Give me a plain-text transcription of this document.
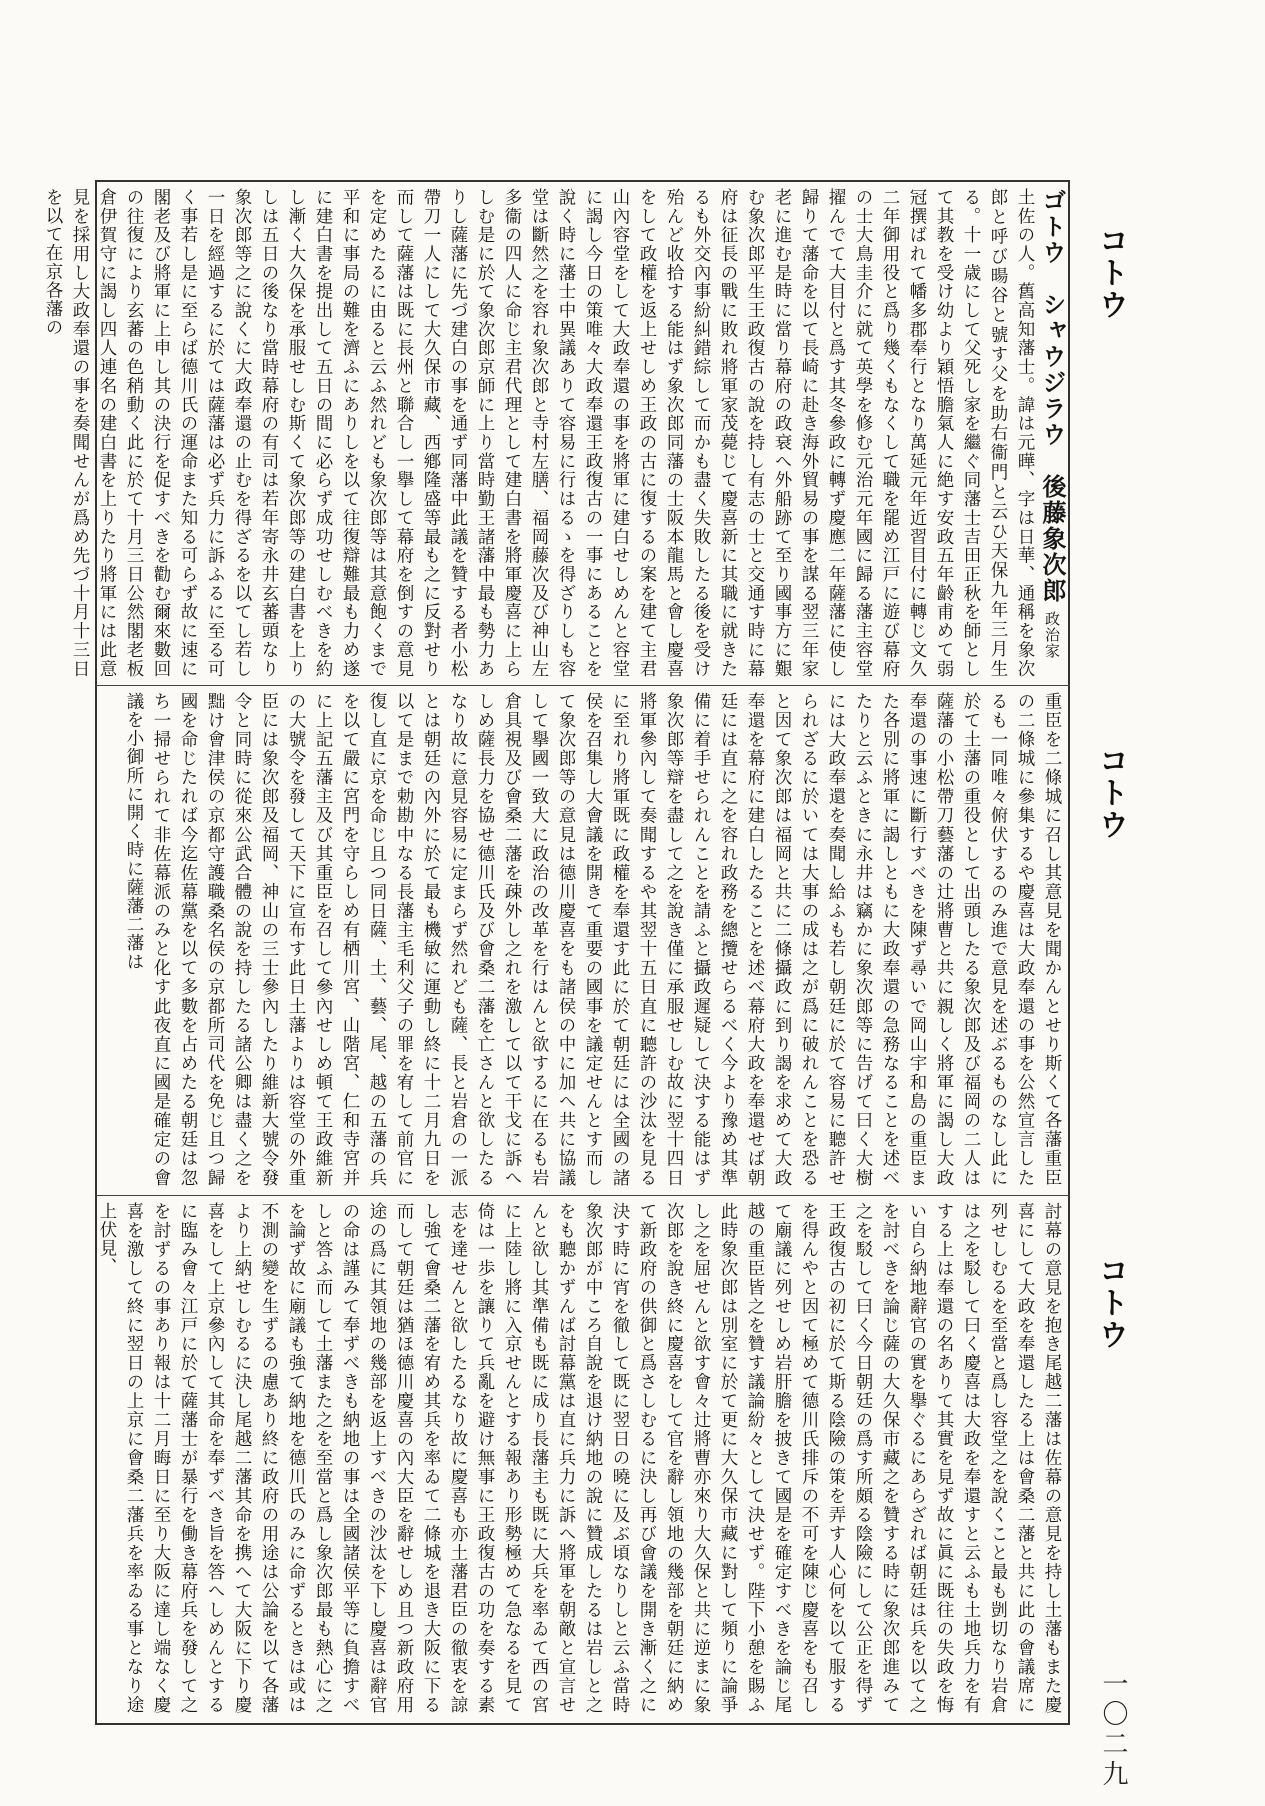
コトウ
コトウ
コトウ
一〇二九
ゴトウ　シャウジラウ　後藤象次郎 政治家
土佐の人。舊高知藩士。諱は元曄、字は日華、通稱を象次郎と呼び暘谷と號す父を助右衞門と云ひ天保九年三月生る。十一歳にして父死し家を繼ぐ同藩士吉田正秋を師として其教を受け幼より穎悟膽氣人に絶す安政五年齡甫めて弱冠撰ばれて幡多郡奉行となり萬延元年近習目付に轉じ文久二年御用役と爲り幾くもなくして職を罷め江戸に遊び幕府の士大鳥圭介に就て英學を修む元治元年國に歸る藩主容堂擢んでて大目付と爲す其冬參政に轉ず慶應二年薩藩に使し歸りて藩命を以て長崎に赴き海外貿易の事を謀る翌三年家老に進む是時に當り幕府の政衰へ外船跡て至り國事方に艱む象次郎平生王政復古の說を持し有志の士と交通す時に幕府は征長の戰に敗れ將軍家茂薨じて慶喜新に其職に就きたるも外交內事紛糾錯綜して而かも盡く失敗したる後を受け殆んど收拾する能はず象次郎同藩の士阪本龍馬と會し慶喜をして政權を返上せしめ王政の古に復するの案を建て主君山內容堂をして大政奉還の事を將軍に建白せしめんと容堂に謁し今日の策唯々大政奉還王政復古の一事にあることを說く時に藩士中異議ありて容易に行はるゝを得ざりしも容堂は斷然之を容れ象次郎と寺村左膳、福岡藤次及び神山左多衞の四人に命じ主君代理として建白書を將軍慶喜に上らしむ是に於て象次郎京師に上り當時勤王諸藩中最も勢力ありし薩藩に先づ建白の事を通ず同藩中此議を贊する者小松帶刀一人にして大久保市藏、西鄕隆盛等最も之に反對せり而して薩藩は既に長州と聯合し一擧して幕府を倒すの意見を定めたるに由ると云ふ然れども象次郎等は其意飽くまで平和に事局の難を濟ふにありしを以て往復辯難最も力め遂に建白書を提出して五日の間に必らず成功せしむべきを約し漸く大久保を承服せしむ斯くて象次郎等の建白書を上りしは五日の後なり當時幕府の有司は若年寄永井玄蕃頭なり象次郎等之に說くに大政奉還の止むを得ざるを以てし若し一日を經過するに於ては薩藩は必ず兵力に訴ふるに至る可く事若し是に至らば德川氏の運命また知る可らず故に速に閣老及び將軍に上申し其の決行を促すべきを勸む爾來數回の往復により玄蕃の色稍動く此に於て十月三日公然閣老板倉伊賀守に謁し四人連名の建白書を上りたり將軍には此意見を採用し大政奉還の事を奏聞せんが爲め先づ十月十三日を以て在京各藩の
重臣を二條城に召し其意見を聞かんとせり斯くて各藩重臣の二條城に參集するや慶喜は大政奉還の事を公然宣言したるも一同唯々俯伏するのみ進で意見を述ぶるものなし此に於て土藩の重役として出頭したる象次郎及び福岡の二人は薩藩の小松帶刀藝藩の辻將曹と共に親しく將軍に謁し大政奉還の事速に斷行すべきを陳ず尋いで岡山宇和島の重臣また各別に將軍に謁しともに大政奉還の急務なることを述べたりと云ふときに永井は竊かに象次郎等に告げて曰く大樹には大政奉還を奏聞し給ふも若し朝廷に於て容易に聽許せられざるに於いては大事の成は之が爲に破れんことを恐ると因て象次郎は福岡と共に二條攝政に到り謁を求めて大政奉還を幕府に建白したることを述べ幕府大政を奉還せば朝廷には直に之を容れ政務を總攬せらるべく今より豫め其準備に着手せられんことを請ふと攝政遲疑して決する能はず象次郎等辯を盡して之を說き僅に承服せしむ故に翌十四日將軍參內して奏聞するや其翌十五日直に聽許の沙汰を見るに至れり將軍既に政權を奉還す此に於て朝廷には全國の諸侯を召集し大會議を開きて重要の國事を議定せんとす而して象次郎等の意見は德川慶喜をも諸侯の中に加へ共に協議して擧國一致大に政治の改革を行はんと欲するに在るも岩倉具視及び會桑二藩を疎外し之れを激して以て干戈に訴へしめ薩長力を協せ德川氏及び會桑二藩を亡さんと欲したるなり故に意見容易に定まらず然れども薩、長と岩倉の一派とは朝廷の內外に於て最も機敏に運動し終に十二月九日を以て是まで勅勘中なる長藩主毛利父子の罪を宥して前官に復し直に京を命じ且つ同日薩、土、藝、尾、越の五藩の兵を以て嚴に宮門を守らしめ有栖川宮、山階宮、仁和寺宮并に上記五藩主及び其重臣を召して參內せしめ頓て王政維新の大號令を發して天下に宣布す此日土藩よりは容堂の外重臣には象次郎及福岡、神山の三士參內したり維新大號令發令と同時に從來公武合體の說を持したる諸公卿は盡く之を黜け會津侯の京都守護職桑名侯の京都所司代を免じ且つ歸國を命じたれば今迄佐幕黨を以て多數を占めたる朝廷は忽ち一掃せられて非佐幕派のみと化す此夜直に國是確定の會議を小御所に開く時に薩藩二藩は
討幕の意見を抱き尾越二藩は佐幕の意見を持し土藩もまた慶喜にして大政を奉還したる上は會桑二藩と共に此の會議席に列せしむるを至當と爲し容堂之を說くこと最も剴切なり岩倉は之を駁して曰く慶喜は大政を奉還すと云ふも土地兵力を有する上は奉還の名ありて其實を見ず故に眞に既往の失政を悔い自ら納地辭官の實を擧ぐるにあらざれば朝廷は兵を以て之を討べきを論じ薩の大久保市藏之を贊する時に象次郎進みて之を駁して曰く今日朝廷の爲す所頗る陰險にして公正を得ず王政復古の初に於て斯る陰險の策を弄す人心何を以て服するを得んやと因て極めて德川氏排斥の不可を陳じ慶喜をも召して廟議に列せしめ岩肝膽を披きて國是を確定すべきを論じ尾越の重臣皆之を贊す議論紛々として決せず。陛下小憩を賜ふ此時象次郎は別室に於て更に大久保市藏に對して頻りに論爭し之を屈せんと欲す會々辻將曹亦來り大久保と共に逆まに象次郎を說き終に慶喜をして官を辭し領地の幾部を朝廷に納めて新政府の供御と爲さしむるに決し再び會議を開き漸く之に決す時に宵を徹して既に翌日の曉に及ぶ頃なりしと云ふ當時象次郎が中ころ自說を退け納地の說に贊成したるは岩しと之をも聽かずんば討幕黨は直に兵力に訴へ將軍を朝敵と宣言せんと欲し其準備も既に成り長藩主も既に大兵を率ゐて西の宮に上陸し將に入京せんとする報あり形勢極めて急なるを見て倚は一歩を讓りて兵亂を避け無事に王政復古の功を奏する素志を達せんと欲したるなり故に慶喜も亦土藩君臣の徹衷を諒し強て會桑二藩を宥め其兵を率ゐて二條城を退き大阪に下る而して朝廷は猶ほ德川慶喜の內大臣を辭せしめ且つ新政府用途の爲に其領地の幾部を返上すべきの沙汰を下し慶喜は辭官の命は謹みて奉ずべきも納地の事は全國諸侯平等に負擔すべしと答ふ而して土藩また之を至當と爲し象次郎最も熱心に之を論ず故に廟議も強て納地を德川氏のみに命ずるときは或は不測の變を生ずるの慮あり終に政府の用途は公論を以て各藩より上納せしむるに決し尾越二藩其命を携へて大阪に下り慶喜をして上京參內して其命を奉ずべき旨を答へしめんとするに臨み會々江戸に於て薩藩士が暴行を働き幕府兵を發して之を討ずるの事あり報は十二月晦日に至り大阪に達し端なく慶喜を激して終に翌日の上京に會桑二藩兵を率ゐる事となり途上伏見、
